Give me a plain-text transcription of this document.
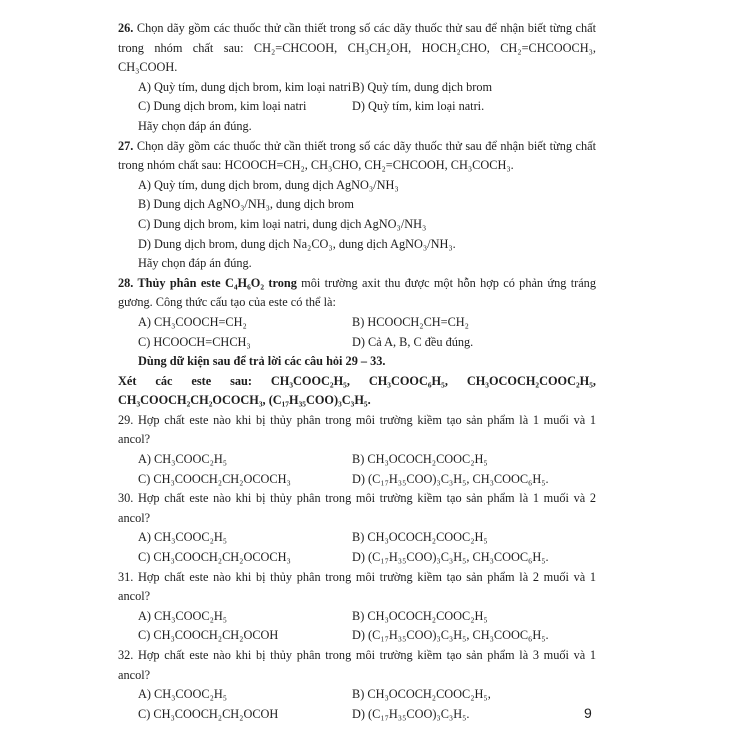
26. Chọn dãy gồm các thuốc thử cần thiết trong số các dãy thuốc thử sau để nhận biết từng chất trong nhóm chất sau: CH₂=CHCOOH, CH₃CH₂OH, HOCH₂CHO, CH₂=CHCOOCH₃, CH₃COOH.

A) Quỳ tím, dung dịch brom, kim loại natri B) Quỳ tím, dung dịch brom
C) Dung dịch brom, kim loại natri	D) Quỳ tím, kim loại natri.
Hãy chọn đáp án đúng.

27. Chọn dãy gồm các thuốc thử cần thiết trong số các dãy thuốc thử sau để nhận biết từng chất trong nhóm chất sau: HCOOCH=CH₂, CH₃CHO, CH₂=CHCOOH, CH₃COCH₃.

A) Quỳ tím, dung dịch brom, dung dịch AgNO₃/NH₃
B) Dung dịch AgNO₃/NH₃, dung dịch brom
C) Dung dịch brom, kim loại natri, dung dịch AgNO₃/NH₃
D) Dung dịch brom, dung dịch Na₂CO₃, dung dịch AgNO₃/NH₃.
Hãy chọn đáp án đúng.

28. Thủy phân este C₄H₆O₂ trong môi trường axit thu được một hỗn hợp có phản ứng tráng gương. Công thức cấu tạo của este có thể là:

A) CH₃COOCH=CH₂	B) HCOOCH₂CH=CH₂
C) HCOOCH=CHCH₃	D) Cả A, B, C đều đúng.
Dùng dữ kiện sau để trả lời các câu hỏi 29 – 33.

Xét các este sau: CH₃COOC₂H₅, CH₃COOC₆H₅, CH₃OCOCH₂COOC₂H₅, CH₃COOCH₂CH₂OCOCH₃, (C₁₇H₃₅COO)₃C₃H₅.

29. Hợp chất este nào khi bị thủy phân trong môi trường kiềm tạo sản phẩm là 1 muối và 1 ancol?

A) CH₃COOC₂H₅	B) CH₃OCOCH₂COOC₂H₅
C) CH₃COOCH₂CH₂OCOCH₃	D) (C₁₇H₃₅COO)₃C₃H₅, CH₃COOC₆H₅.

30. Hợp chất este nào khi bị thủy phân trong môi trường kiềm tạo sản phẩm là 1 muối và 2 ancol?

A) CH₃COOC₂H₅	B) CH₃OCOCH₂COOC₂H₅
C) CH₃COOCH₂CH₂OCOCH₃	D) (C₁₇H₃₅COO)₃C₃H₅, CH₃COOC₆H₅.

31. Hợp chất este nào khi bị thủy phân trong môi trường kiềm tạo sản phẩm là 2 muối và 1 ancol?

A) CH₃COOC₂H₅	B) CH₃OCOCH₂COOC₂H₅
C) CH₃COOCH₂CH₂OCOH	D) (C₁₇H₃₅COO)₃C₃H₅, CH₃COOC₆H₅.

32. Hợp chất este nào khi bị thủy phân trong môi trường kiềm tạo sản phẩm là 3 muối và 1 ancol?

A) CH₃COOC₂H₅	B) CH₃OCOCH₂COOC₂H₅,
C) CH₃COOCH₂CH₂OCOH	D) (C₁₇H₃₅COO)₃C₃H₅.	9
